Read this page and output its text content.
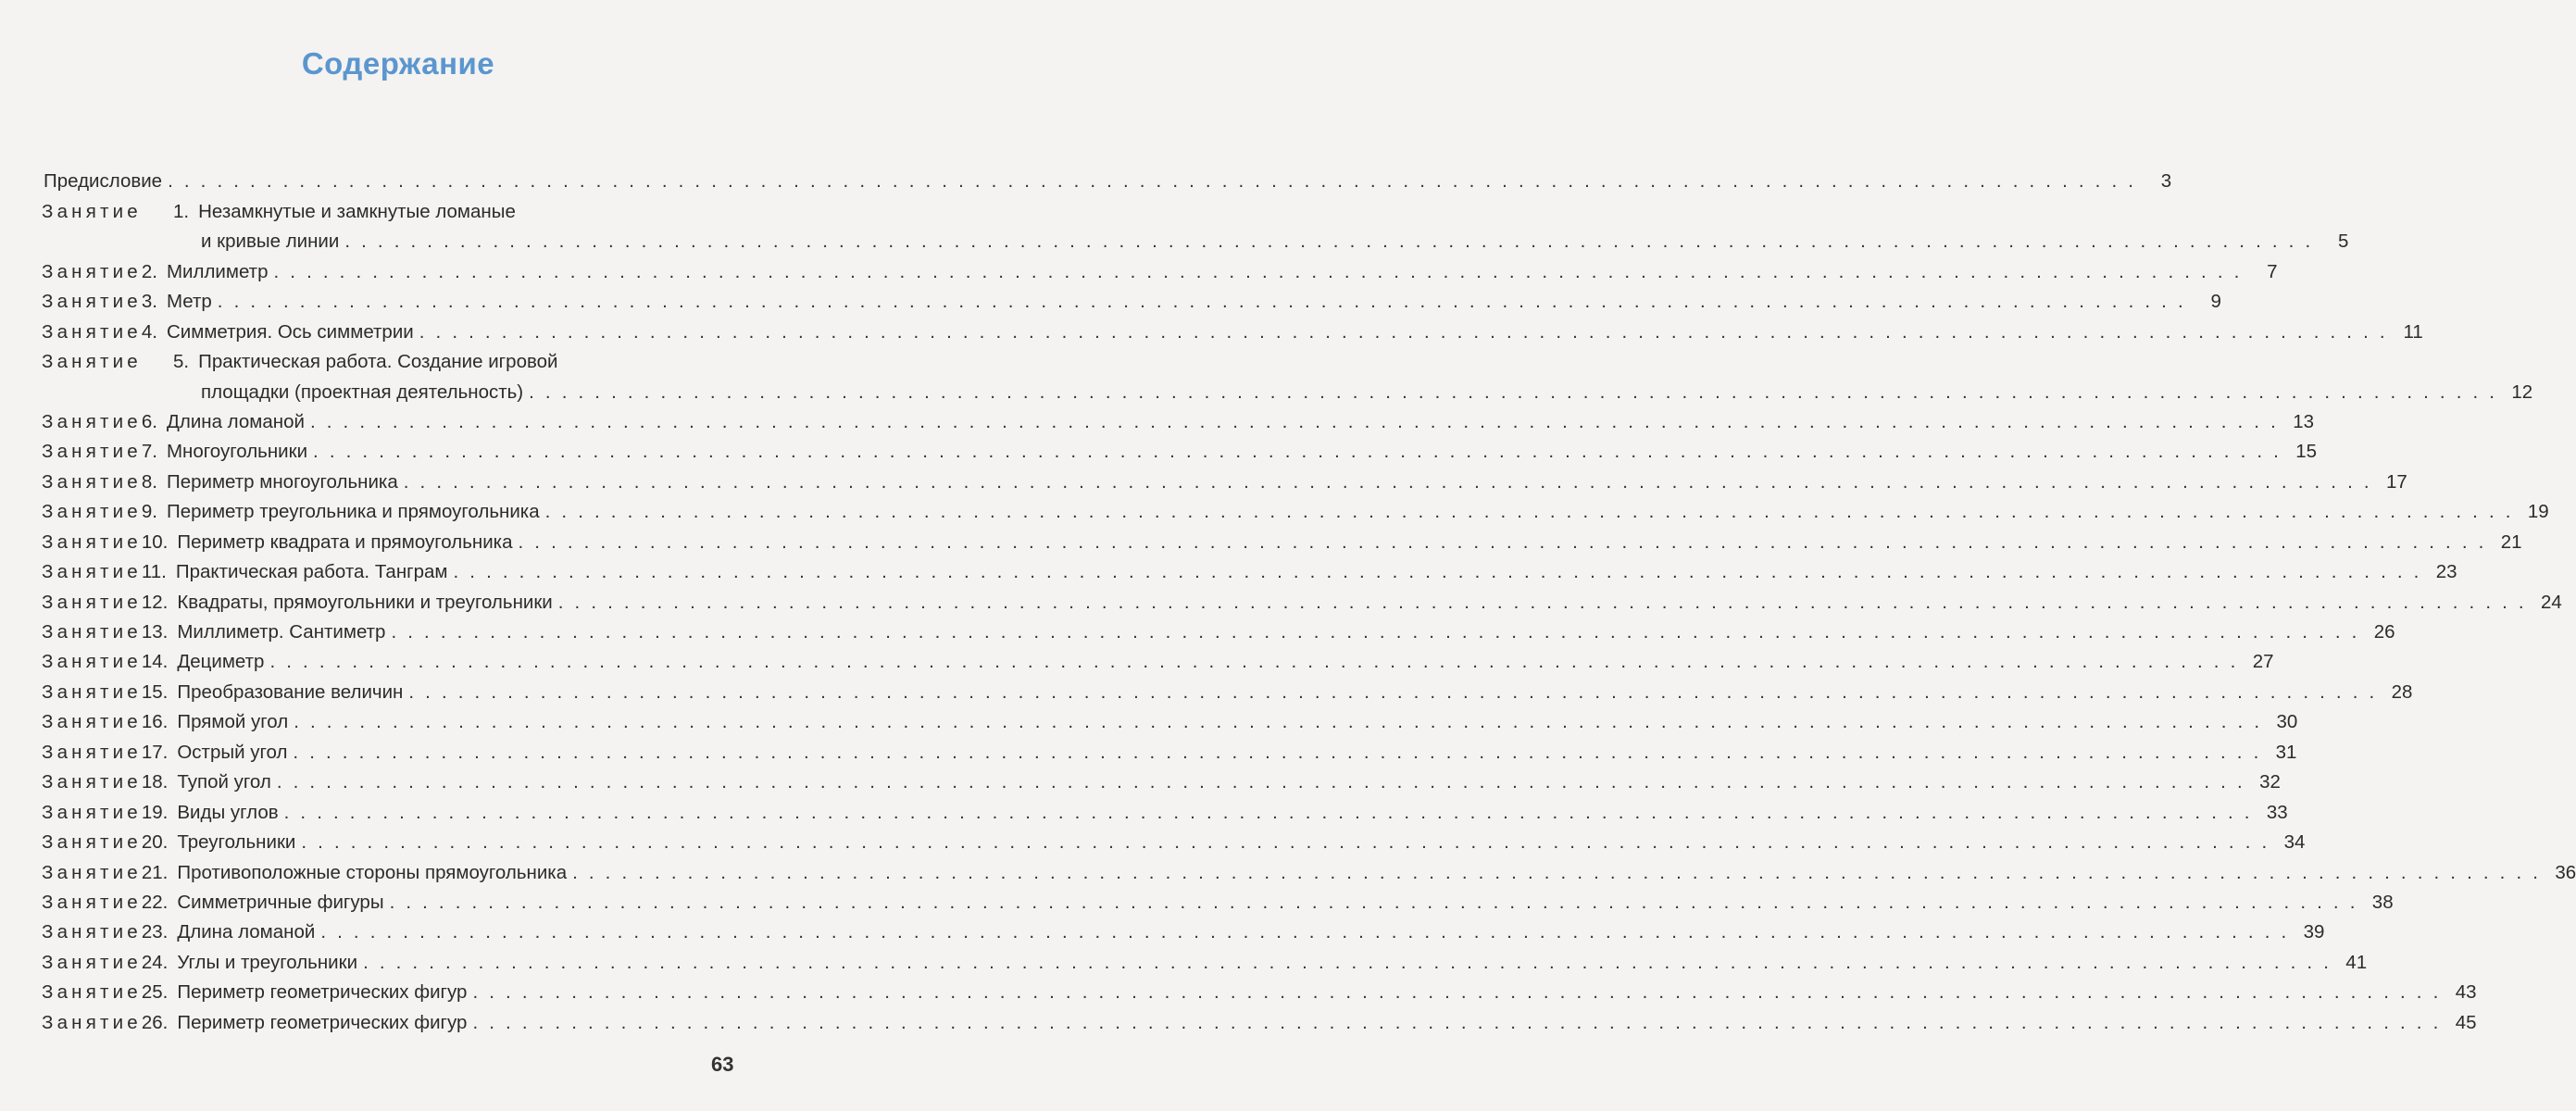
Содержание
Предисловие . . . . . . . . . . . . . . . . . . . . . . . . . . . . . . . . . . . . . . . . . . . . . . . . . . . . . . . . . . . . . . . . . . . . . . . . . . . . . . . . . . . . . . . . . . . . . . . . . . . . . . . . . . . . . . . . . . . . . . . .	3
Занятие	1. Незамкнутые и замкнутые ломаные
и кривые линии . . . . . . . . . . . . . . . . . . . . . . . . . . . . . . . . . . . . . . . . . . . . . . . . . . . . . . . . . . . . . . . . . . . . . . . . . . . . . . . . . . . . . . . . . . . . . . . . . . . . . . . . . . . . . . . . . . . . . . . .	5
Занятие 2. Миллиметр . . . . . . . . . . . . . . . . . . . . . . . . . . . . . . . . . . . . . . . . . . . . . . . . . . . . . . . . . . . . . . . . . . . . . . . . . . . . . . . . . . . . . . . . . . . . . . . . . . . . . . . . . . . . . . . . . . . . . . . .	7
Занятие 3. Метр . . . . . . . . . . . . . . . . . . . . . . . . . . . . . . . . . . . . . . . . . . . . . . . . . . . . . . . . . . . . . . . . . . . . . . . . . . . . . . . . . . . . . . . . . . . . . . . . . . . . . . . . . . . . . . . . . . . . . . . .	9
Занятие 4. Симметрия. Ось симметрии . . . . . . . . . . . . . . . . . . . . . . . . . . . . . . . . . . . . . . . . . . . . . . . . . . . . . . . . . . . . . . . . . . . . . . . . . . . . . . . . . . . . . . . . . . . . . . . . . . . . . . . . . . . . . . . . . . . . . . . . 11
Занятие	5. Практическая работа. Создание игровой
площадки (проектная деятельность) . . . . . . . . . . . . . . . . . . . . . . . . . . . . . . . . . . . . . . . . . . . . . . . . . . . . . . . . . . . . . . . . . . . . . . . . . . . . . . . . . . . . . . . . . . . . . . . . . . . . . . . . . . . . . . . . . . . . . . . . 12
Занятие 6. Длина ломаной . . . . . . . . . . . . . . . . . . . . . . . . . . . . . . . . . . . . . . . . . . . . . . . . . . . . . . . . . . . . . . . . . . . . . . . . . . . . . . . . . . . . . . . . . . . . . . . . . . . . . . . . . . . . . . . . . . . . . . . . 13
Занятие 7. Многоугольники . . . . . . . . . . . . . . . . . . . . . . . . . . . . . . . . . . . . . . . . . . . . . . . . . . . . . . . . . . . . . . . . . . . . . . . . . . . . . . . . . . . . . . . . . . . . . . . . . . . . . . . . . . . . . . . . . . . . . . . . 15
Занятие 8. Периметр многоугольника . . . . . . . . . . . . . . . . . . . . . . . . . . . . . . . . . . . . . . . . . . . . . . . . . . . . . . . . . . . . . . . . . . . . . . . . . . . . . . . . . . . . . . . . . . . . . . . . . . . . . . . . . . . . . . . . . . . . . . . . 17
Занятие 9. Периметр треугольника и прямоугольника . . . . . . . . . . . . . . . . . . . . . . . . . . . . . . . . . . . . . . . . . . . . . . . . . . . . . . . . . . . . . . . . . . . . . . . . . . . . . . . . . . . . . . . . . . . . . . . . . . . . . . . . . . . . . . . . . . . . . . . . 19
Занятие 10. Периметр квадрата и прямоугольника . . . . . . . . . . . . . . . . . . . . . . . . . . . . . . . . . . . . . . . . . . . . . . . . . . . . . . . . . . . . . . . . . . . . . . . . . . . . . . . . . . . . . . . . . . . . . . . . . . . . . . . . . . . . . . . . . . . . . . . . 21
Занятие 11. Практическая работа. Танграм . . . . . . . . . . . . . . . . . . . . . . . . . . . . . . . . . . . . . . . . . . . . . . . . . . . . . . . . . . . . . . . . . . . . . . . . . . . . . . . . . . . . . . . . . . . . . . . . . . . . . . . . . . . . . . . . . . . . . . . . 23
Занятие 12. Квадраты, прямоугольники и треугольники . . . . . . . . . . . . . . . . . . . . . . . . . . . . . . . . . . . . . . . . . . . . . . . . . . . . . . . . . . . . . . . . . . . . . . . . . . . . . . . . . . . . . . . . . . . . . . . . . . . . . . . . . . . . . . . . . . . . . . . . 24
Занятие 13. Миллиметр. Сантиметр . . . . . . . . . . . . . . . . . . . . . . . . . . . . . . . . . . . . . . . . . . . . . . . . . . . . . . . . . . . . . . . . . . . . . . . . . . . . . . . . . . . . . . . . . . . . . . . . . . . . . . . . . . . . . . . . . . . . . . . . 26
Занятие 14. Дециметр . . . . . . . . . . . . . . . . . . . . . . . . . . . . . . . . . . . . . . . . . . . . . . . . . . . . . . . . . . . . . . . . . . . . . . . . . . . . . . . . . . . . . . . . . . . . . . . . . . . . . . . . . . . . . . . . . . . . . . . . 27
Занятие 15. Преобразование величин . . . . . . . . . . . . . . . . . . . . . . . . . . . . . . . . . . . . . . . . . . . . . . . . . . . . . . . . . . . . . . . . . . . . . . . . . . . . . . . . . . . . . . . . . . . . . . . . . . . . . . . . . . . . . . . . . . . . . . . . 28
Занятие 16. Прямой угол . . . . . . . . . . . . . . . . . . . . . . . . . . . . . . . . . . . . . . . . . . . . . . . . . . . . . . . . . . . . . . . . . . . . . . . . . . . . . . . . . . . . . . . . . . . . . . . . . . . . . . . . . . . . . . . . . . . . . . . . 30
Занятие 17. Острый угол . . . . . . . . . . . . . . . . . . . . . . . . . . . . . . . . . . . . . . . . . . . . . . . . . . . . . . . . . . . . . . . . . . . . . . . . . . . . . . . . . . . . . . . . . . . . . . . . . . . . . . . . . . . . . . . . . . . . . . . . 31
Занятие 18. Тупой угол . . . . . . . . . . . . . . . . . . . . . . . . . . . . . . . . . . . . . . . . . . . . . . . . . . . . . . . . . . . . . . . . . . . . . . . . . . . . . . . . . . . . . . . . . . . . . . . . . . . . . . . . . . . . . . . . . . . . . . . . 32
Занятие 19. Виды углов . . . . . . . . . . . . . . . . . . . . . . . . . . . . . . . . . . . . . . . . . . . . . . . . . . . . . . . . . . . . . . . . . . . . . . . . . . . . . . . . . . . . . . . . . . . . . . . . . . . . . . . . . . . . . . . . . . . . . . . . 33
Занятие 20. Треугольники . . . . . . . . . . . . . . . . . . . . . . . . . . . . . . . . . . . . . . . . . . . . . . . . . . . . . . . . . . . . . . . . . . . . . . . . . . . . . . . . . . . . . . . . . . . . . . . . . . . . . . . . . . . . . . . . . . . . . . . . 34
Занятие 21. Противоположные стороны прямоугольника . . . . . . . . . . . . . . . . . . . . . . . . . . . . . . . . . . . . . . . . . . . . . . . . . . . . . . . . . . . . . . . . . . . . . . . . . . . . . . . . . . . . . . . . . . . . . . . . . . . . . . . . . . . . . . . . . . . . . . . . 36
Занятие 22. Симметричные фигуры . . . . . . . . . . . . . . . . . . . . . . . . . . . . . . . . . . . . . . . . . . . . . . . . . . . . . . . . . . . . . . . . . . . . . . . . . . . . . . . . . . . . . . . . . . . . . . . . . . . . . . . . . . . . . . . . . . . . . . . . 38
Занятие 23. Длина ломаной . . . . . . . . . . . . . . . . . . . . . . . . . . . . . . . . . . . . . . . . . . . . . . . . . . . . . . . . . . . . . . . . . . . . . . . . . . . . . . . . . . . . . . . . . . . . . . . . . . . . . . . . . . . . . . . . . . . . . . . . 39
Занятие 24. Углы и треугольники . . . . . . . . . . . . . . . . . . . . . . . . . . . . . . . . . . . . . . . . . . . . . . . . . . . . . . . . . . . . . . . . . . . . . . . . . . . . . . . . . . . . . . . . . . . . . . . . . . . . . . . . . . . . . . . . . . . . . . . . 41
Занятие 25. Периметр геометрических фигур . . . . . . . . . . . . . . . . . . . . . . . . . . . . . . . . . . . . . . . . . . . . . . . . . . . . . . . . . . . . . . . . . . . . . . . . . . . . . . . . . . . . . . . . . . . . . . . . . . . . . . . . . . . . . . . . . . . . . . . . 43
Занятие 26. Периметр геометрических фигур . . . . . . . . . . . . . . . . . . . . . . . . . . . . . . . . . . . . . . . . . . . . . . . . . . . . . . . . . . . . . . . . . . . . . . . . . . . . . . . . . . . . . . . . . . . . . . . . . . . . . . . . . . . . . . . . . . . . . . . . 45
63
